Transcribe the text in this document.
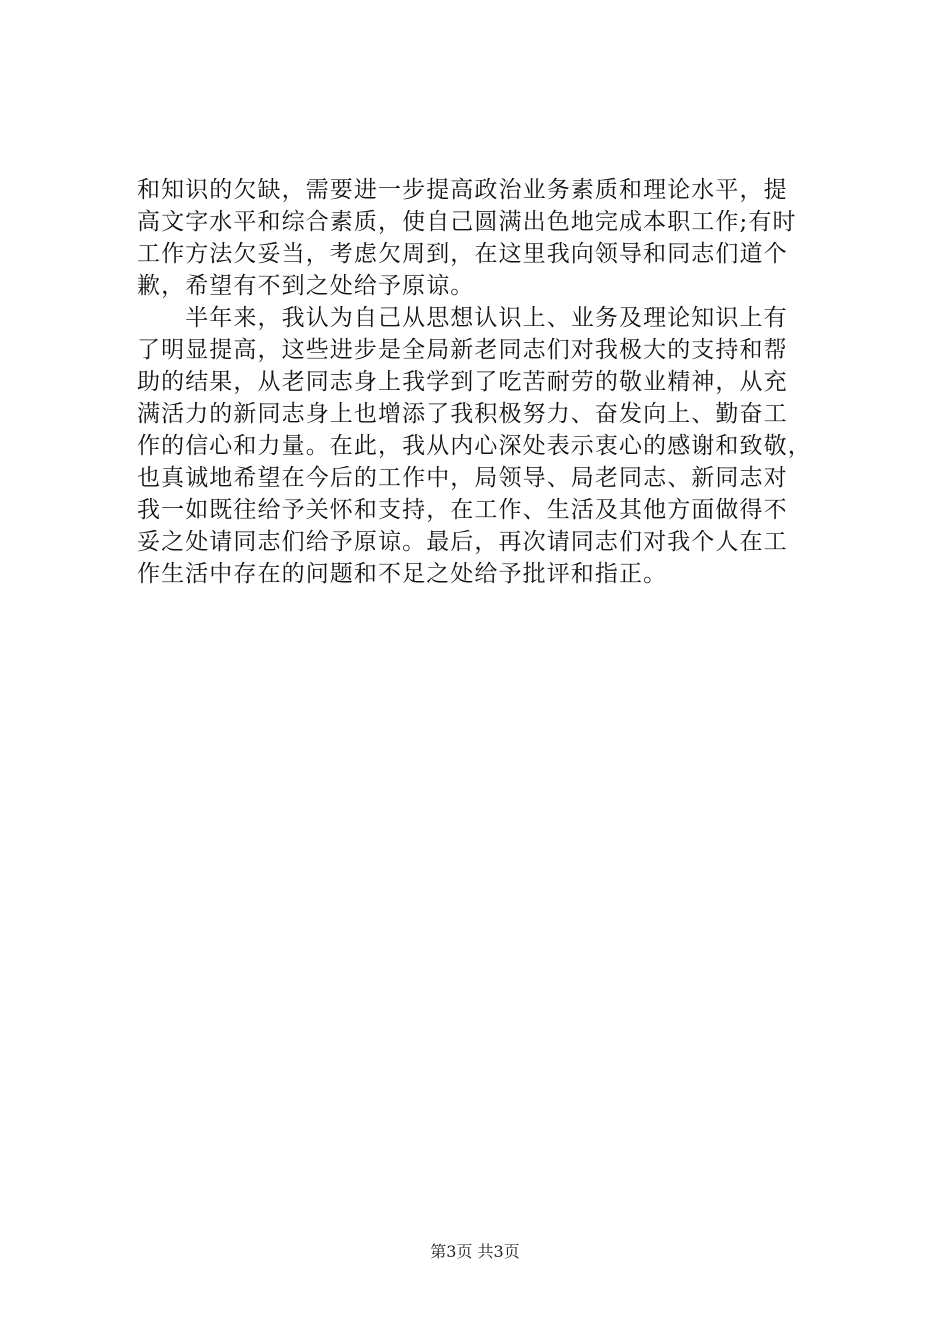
和知识的欠缺，需要进一步提高政治业务素质和理论水平，提
高文字水平和综合素质，使自己圆满出色地完成本职工作;有时
工作方法欠妥当，考虑欠周到，在这里我向领导和同志们道个
歉，希望有不到之处给予原谅。
　　半年来，我认为自己从思想认识上、业务及理论知识上有
了明显提高，这些进步是全局新老同志们对我极大的支持和帮
助的结果，从老同志身上我学到了吃苦耐劳的敬业精神，从充
满活力的新同志身上也增添了我积极努力、奋发向上、勤奋工
作的信心和力量。在此，我从内心深处表示衷心的感谢和致敬，
也真诚地希望在今后的工作中，局领导、局老同志、新同志对
我一如既往给予关怀和支持，在工作、生活及其他方面做得不
妥之处请同志们给予原谅。最后，再次请同志们对我个人在工
作生活中存在的问题和不足之处给予批评和指正。
第3页 共3页
